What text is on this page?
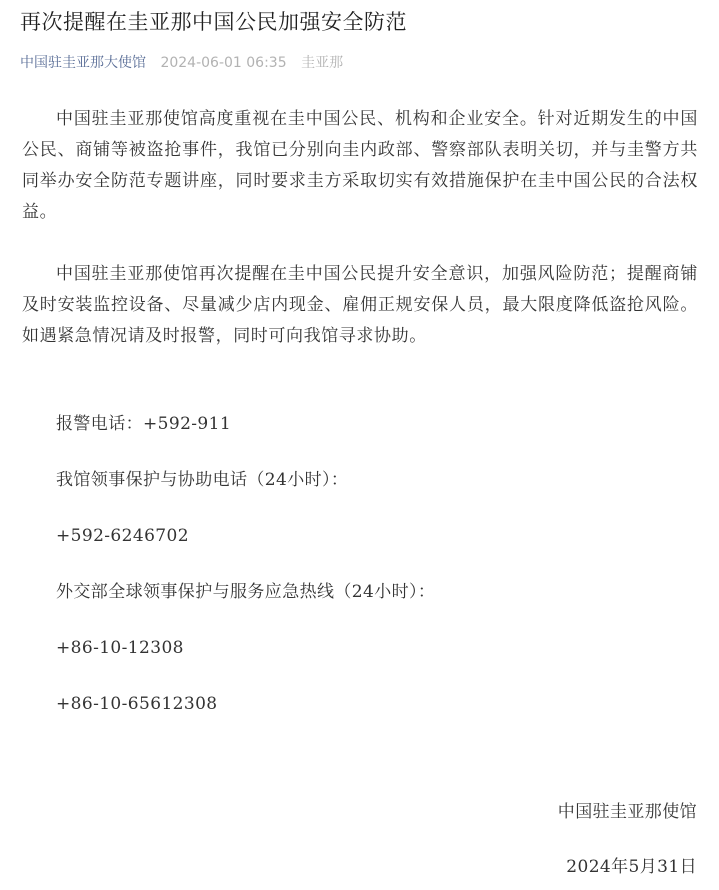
再次提醒在圭亚那中国公民加强安全防范
中国驻圭亚那大使馆 2024-06-01 06:35 圭亚那

中国驻圭亚那使馆高度重视在圭中国公民、机构和企业安全。针对近期发生的中国公民、商铺等被盗抢事件，我馆已分别向圭内政部、警察部队表明关切，并与圭警方共同举办安全防范专题讲座，同时要求圭方采取切实有效措施保护在圭中国公民的合法权益。

中国驻圭亚那使馆再次提醒在圭中国公民提升安全意识，加强风险防范；提醒商铺及时安装监控设备、尽量减少店内现金、雇佣正规安保人员，最大限度降低盗抢风险。如遇紧急情况请及时报警，同时可向我馆寻求协助。

报警电话：+592-911

我馆领事保护与协助电话（24小时）：

+592-6246702

外交部全球领事保护与服务应急热线（24小时）：

+86-10-12308

+86-10-65612308

中国驻圭亚那使馆

2024年5月31日
